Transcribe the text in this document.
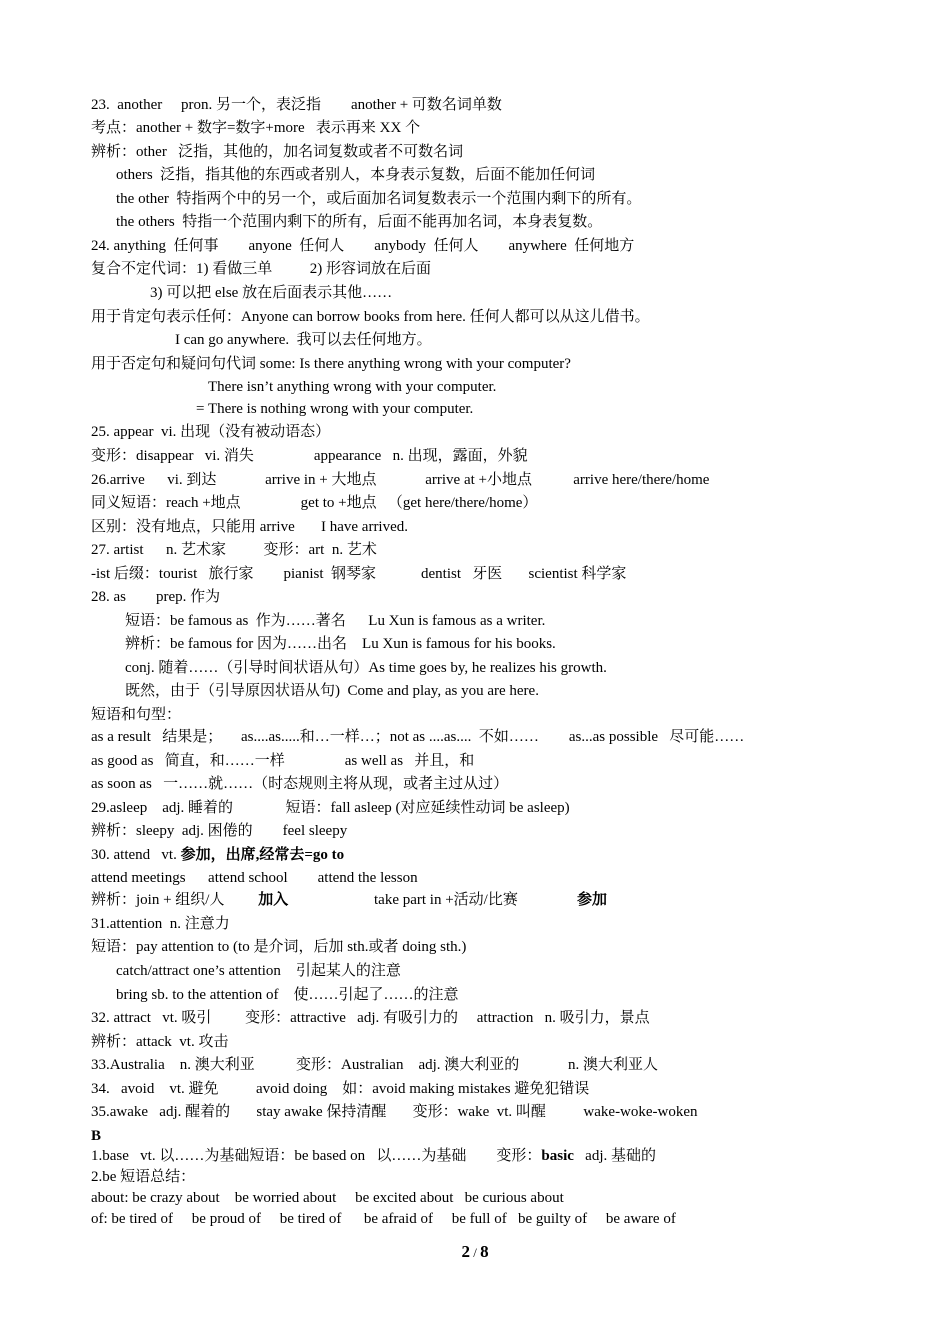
23.  another     pron. 另一个，表泛指        another + 可数名词单数
考点：another + 数字=数字+more   表示再来 XX 个
辨析：other   泛指，其他的，加名词复数或者不可数名词
others  泛指，指其他的东西或者别人，本身表示复数，后面不能加任何词
the other  特指两个中的另一个，或后面加名词复数表示一个范围内剩下的所有。
the others  特指一个范围内剩下的所有，后面不能再加名词，本身表复数。
24. anything  任何事        anyone  任何人        anybody  任何人        anywhere  任何地方
复合不定代词：1) 看做三单          2) 形容词放在后面
3) 可以把 else 放在后面表示其他……
用于肯定句表示任何：Anyone can borrow books from here. 任何人都可以从这儿借书。
I can go anywhere.  我可以去任何地方。
用于否定句和疑问句代词 some: Is there anything wrong with your computer?
There isn’t anything wrong with your computer.
= There is nothing wrong with your computer.
25. appear  vi. 出现（没有被动语态）
变形：disappear   vi. 消失                appearance   n. 出现，露面，外貌
26.arrive      vi. 到达             arrive in + 大地点             arrive at +小地点           arrive here/there/home
同义短语：reach +地点                get to +地点   （get here/there/home）
区别：没有地点，只能用 arrive       I have arrived.
27. artist      n. 艺术家          变形：art  n. 艺术
-ist 后缀：tourist   旅行家        pianist  钢琴家            dentist   牙医       scientist 科学家
28. as        prep. 作为
短语：be famous as  作为……著名      Lu Xun is famous as a writer.
辨析：be famous for 因为……出名    Lu Xun is famous for his books.
conj. 随着……（引导时间状语从句）As time goes by, he realizes his growth.
既然，由于（引导原因状语从句)  Come and play, as you are here.
短语和句型：
as a result   结果是；     as....as.....和…一样…；not as ....as....  不如……        as...as possible   尽可能……
as good as   简直，和……一样                as well as   并且，和
as soon as   一……就……（时态规则主将从现，或者主过从过）
29.asleep    adj. 睡着的              短语：fall asleep (对应延续性动词 be asleep)
辨析：sleepy  adj. 困倦的        feel sleepy
30. attend   vt. 参加，出席,经常去=go to
attend meetings      attend school        attend the lesson
辨析：join + 组织/人         加入	take part in +活动/比赛	参加
31.attention  n. 注意力
短语：pay attention to (to 是介词，后加 sth.或者 doing sth.)
catch/attract one’s attention    引起某人的注意
bring sb. to the attention of    使……引起了……的注意
32. attract   vt. 吸引         变形：attractive   adj. 有吸引力的     attraction   n. 吸引力，景点
辨析：attack  vt. 攻击
33.Australia    n. 澳大利亚           变形：Australian    adj. 澳大利亚的             n. 澳大利亚人
34.   avoid    vt. 避免          avoid doing    如：avoid making mistakes 避免犯错误
35.awake   adj. 醒着的       stay awake 保持清醒       变形：wake  vt. 叫醒          wake-woke-woken
B
1.base   vt. 以……为基础短语：be based on   以……为基础        变形：basic   adj. 基础的
2.be 短语总结：
about: be crazy about    be worried about     be excited about   be curious about
of: be tired of     be proud of     be tired of      be afraid of     be full of   be guilty of     be aware of
2 / 8
